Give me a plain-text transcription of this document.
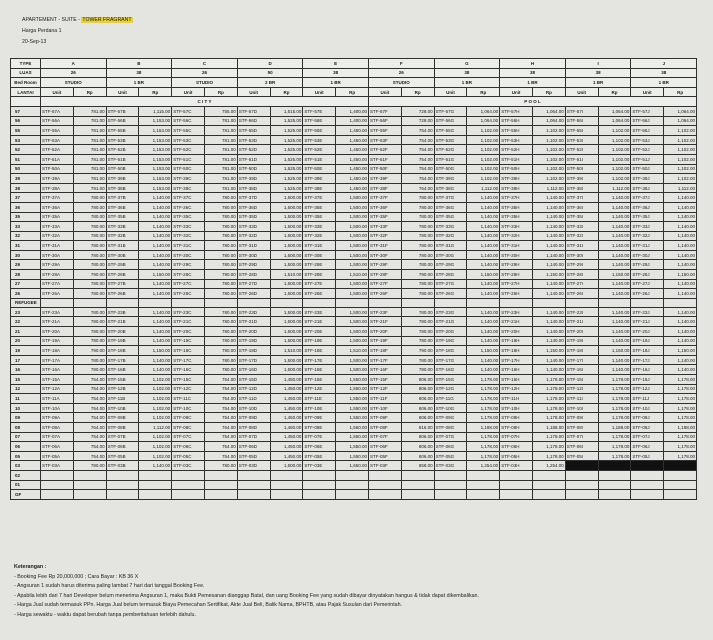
APARTEMENT - SUITE - TOWER FRAGRANT
Harga Perdana 1
20-Sep-13
TYPE	A		B		C		D		E		F		G		H		I		J	
LUAS	26		38		26		50		38		26		38		38		38		38	
Bed Room	STUDIO		1 BR		STUDIO		2 BR		1 BR		STUDIO		1 BR		1 BR		1 BR		1 BR	
LANTAI	Unit	Rp	Unit	Rp	Unit	Rp	Unit	Rp	Unit	Rp	Unit	Rp	Unit	Rp	Unit	Rp	Unit	Rp	Unit	Rp
	C I T Y										P O O L									
57	STF-57A	781.00	STF-57B	1,115.00	STF-57C	755.00	STF-57D	1,515.00	STF-57E	1,400.00	STF-57F	728.00	STF-57G	1,064.00	STF-57H	1,064.00	STF-57I	1,064.00	STF-57J	1,064.00
56	STF-56A	781.00	STF-56B	1,153.00	STF-56C	781.00	STF-56D	1,525.00	STF-56E	1,400.00	STF-56F	728.00	STF-56G	1,064.00	STF-56H	1,064.00	STF-56I	1,064.00	STF-56J	1,064.00
55	STF-55A	781.00	STF-55B	1,153.00	STF-55C	781.00	STF-55D	1,525.00	STF-55E	1,450.00	STF-55F	754.00	STF-55G	1,102.00	STF-55H	1,102.00	STF-55I	1,102.00	STF-55J	1,102.00
53	STF-53A	781.00	STF-53B	1,153.00	STF-53C	781.00	STF-53D	1,525.00	STF-53E	1,450.00	STF-53F	754.00	STF-53G	1,102.00	STF-53H	1,102.00	STF-53I	1,102.00	STF-53J	1,102.00
52	STF-52A	781.00	STF-52B	1,153.00	STF-52C	781.00	STF-52D	1,525.00	STF-52E	1,450.00	STF-52F	754.00	STF-52G	1,102.00	STF-52H	1,102.00	STF-52I	1,102.00	STF-52J	1,102.00
51	STF-51A	781.00	STF-51B	1,153.00	STF-51C	781.00	STF-51D	1,525.00	STF-51E	1,450.00	STF-51F	754.00	STF-51G	1,102.00	STF-51H	1,102.00	STF-51I	1,102.00	STF-51J	1,102.00
50	STF-50A	781.00	STF-50B	1,153.00	STF-50C	781.00	STF-50D	1,525.00	STF-50E	1,450.00	STF-50F	754.00	STF-50G	1,102.00	STF-50H	1,102.00	STF-50I	1,102.00	STF-50J	1,102.00
39	STF-39A	781.00	STF-39B	1,153.00	STF-39C	781.00	STF-39D	1,525.00	STF-39E	1,450.00	STF-39F	754.00	STF-39G	1,102.00	STF-39H	1,102.00	STF-39I	1,102.00	STF-39J	1,102.00
38	STF-38A	791.00	STF-38B	1,153.00	STF-38C	781.00	STF-38D	1,525.00	STF-38E	1,450.00	STF-38F	764.00	STF-38G	1,112.00	STF-38H	1,112.00	STF-38I	1,112.00	STF-38J	1,112.00
37	STF-37A	780.00	STF-37B	1,140.00	STF-37C	780.00	STF-37D	1,500.00	STF-37E	1,500.00	STF-37F	780.00	STF-37G	1,140.00	STF-37H	1,140.00	STF-37I	1,140.00	STF-37J	1,140.00
36	STF-36A	780.00	STF-36B	1,140.00	STF-36C	780.00	STF-36D	1,500.00	STF-36E	1,500.00	STF-36F	780.00	STF-36G	1,140.00	STF-36H	1,140.00	STF-36I	1,140.00	STF-36J	1,140.00
35	STF-35A	780.00	STF-35B	1,140.00	STF-35C	780.00	STF-35D	1,500.00	STF-35E	1,500.00	STF-35F	780.00	STF-35G	1,140.00	STF-35H	1,140.00	STF-35I	1,140.00	STF-35J	1,140.00
33	STF-33A	780.00	STF-33B	1,140.00	STF-33C	780.00	STF-33D	1,500.00	STF-33E	1,500.00	STF-33F	780.00	STF-33G	1,140.00	STF-33H	1,140.00	STF-33I	1,140.00	STF-33J	1,140.00
32	STF-32A	780.00	STF-32B	1,140.00	STF-32C	780.00	STF-32D	1,500.00	STF-32E	1,500.00	STF-32F	780.00	STF-32G	1,140.00	STF-32H	1,140.00	STF-32I	1,140.00	STF-32J	1,140.00
31	STF-31A	780.00	STF-31B	1,140.00	STF-31C	780.00	STF-31D	1,500.00	STF-31E	1,500.00	STF-31F	780.00	STF-31G	1,140.00	STF-31H	1,140.00	STF-31I	1,140.00	STF-31J	1,140.00
30	STF-30A	780.00	STF-30B	1,140.00	STF-30C	780.00	STF-30D	1,500.00	STF-30E	1,500.00	STF-30F	780.00	STF-30G	1,140.00	STF-30H	1,140.00	STF-30I	1,140.00	STF-30J	1,140.00
29	STF-29A	780.00	STF-29B	1,140.00	STF-29C	780.00	STF-29D	1,500.00	STF-29E	1,500.00	STF-29F	780.00	STF-29G	1,140.00	STF-29H	1,140.00	STF-29I	1,140.00	STF-29J	1,140.00
28	STF-28A	790.00	STF-28B	1,150.00	STF-28C	790.00	STF-28D	1,510.00	STF-28E	1,510.00	STF-28F	790.00	STF-28G	1,150.00	STF-28H	1,150.00	STF-28I	1,150.00	STF-28J	1,150.00
27	STF-27A	780.00	STF-27B	1,140.00	STF-27C	780.00	STF-27D	1,500.00	STF-27E	1,500.00	STF-27F	780.00	STF-27G	1,140.00	STF-27H	1,140.00	STF-27I	1,140.00	STF-27J	1,140.00
26	STF-26A	780.00	STF-26B	1,140.00	STF-26C	780.00	STF-26D	1,500.00	STF-26E	1,500.00	STF-26F	780.00	STF-26G	1,140.00	STF-26H	1,140.00	STF-26I	1,140.00	STF-26J	1,140.00
REFUGEE																				
23	STF-23A	780.00	STF-23B	1,140.00	STF-23C	780.00	STF-23D	1,500.00	STF-23E	1,500.00	STF-23F	780.00	STF-23G	1,140.00	STF-23H	1,140.00	STF-23I	1,140.00	STF-23J	1,140.00
22	STF-21A	780.00	STF-21B	1,140.00	STF-21C	780.00	STF-21D	1,500.00	STF-21E	1,500.00	STF-21F	780.00	STF-21G	1,140.00	STF-21H	1,140.00	STF-21I	1,140.00	STF-21J	1,140.00
21	STF-20A	780.00	STF-20B	1,140.00	STF-20C	780.00	STF-20D	1,500.00	STF-20E	1,500.00	STF-20F	780.00	STF-20G	1,140.00	STF-20H	1,140.00	STF-20I	1,140.00	STF-20J	1,140.00
20	STF-19A	780.00	STF-19B	1,140.00	STF-19C	780.00	STF-19D	1,500.00	STF-19E	1,500.00	STF-19F	780.00	STF-19G	1,140.00	STF-19H	1,140.00	STF-19I	1,140.00	STF-19J	1,140.00
19	STF-18A	790.00	STF-18B	1,150.00	STF-18C	790.00	STF-18D	1,510.00	STF-18E	1,510.00	STF-18F	790.00	STF-18G	1,150.00	STF-18H	1,150.00	STF-18I	1,150.00	STF-18J	1,150.00
17	STF-17A	780.00	STF-17B	1,140.00	STF-17C	780.00	STF-17D	1,500.00	STF-17E	1,500.00	STF-17F	780.00	STF-17G	1,140.00	STF-17H	1,140.00	STF-17I	1,140.00	STF-17J	1,140.00
16	STF-16A	780.00	STF-16B	1,140.00	STF-16C	780.00	STF-16D	1,500.00	STF-16E	1,500.00	STF-16F	780.00	STF-16G	1,140.00	STF-16H	1,140.00	STF-16I	1,140.00	STF-16J	1,140.00
15	STF-15A	754.00	STF-15B	1,102.00	STF-15C	754.00	STF-15D	1,450.00	STF-15E	1,550.00	STF-15F	806.00	STF-15G	1,178.00	STF-15H	1,178.00	STF-15I	1,178.00	STF-15J	1,178.00
12	STF-12A	754.00	STF-12B	1,102.00	STF-12C	754.00	STF-12D	1,450.00	STF-12E	1,550.00	STF-12F	806.00	STF-12G	1,178.00	STF-12H	1,178.00	STF-12I	1,178.00	STF-12J	1,178.00
11	STF-11A	754.00	STF-11B	1,102.00	STF-11C	754.00	STF-11D	1,450.00	STF-11E	1,550.00	STF-11F	806.00	STF-11G	1,178.00	STF-11H	1,178.00	STF-11I	1,178.00	STF-11J	1,178.00
10	STF-10A	754.00	STF-10B	1,102.00	STF-10C	754.00	STF-10D	1,450.00	STF-10E	1,550.00	STF-10F	806.00	STF-10G	1,178.00	STF-10H	1,178.00	STF-10I	1,178.00	STF-10J	1,178.00
09	STF-09A	754.00	STF-09B	1,102.00	STF-09C	754.00	STF-09D	1,450.00	STF-09E	1,550.00	STF-09F	806.00	STF-09G	1,178.00	STF-09H	1,178.00	STF-09I	1,178.00	STF-09J	1,178.00
08	STF-08A	764.00	STF-08B	1,112.00	STF-08C	764.00	STF-08D	1,460.00	STF-08E	1,560.00	STF-08F	816.00	STF-08G	1,188.00	STF-08H	1,188.00	STF-08I	1,188.00	STF-08J	1,188.00
07	STF-07A	754.00	STF-07B	1,102.00	STF-07C	754.00	STF-07D	1,450.00	STF-07E	1,550.00	STF-07F	806.00	STF-07G	1,178.00	STF-07H	1,178.00	STF-07I	1,178.00	STF-07J	1,178.00
06	STF-06A	754.00	STF-06B	1,102.00	STF-06C	754.00	STF-06D	1,450.00	STF-06E	1,550.00	STF-06F	806.00	STF-06G	1,178.00	STF-06H	1,178.00	STF-06I	1,178.00	STF-06J	1,178.00
05	STF-05A	754.00	STF-05B	1,102.00	STF-05C	754.00	STF-05D	1,450.00	STF-05E	1,550.00	STF-05F	806.00	STF-05G	1,178.00	STF-05H	1,178.00	STF-05I	1,178.00	STF-05J	1,178.00
03	STF-03A	780.00	STF-03B	1,140.00	STF-03C	780.00	STF-03D	1,500.00	STF-03E	1,650.00	STF-03F	858.00	STF-03G	1,254.00	STF-03H	1,254.00				
02																				
01																				
GF																				
Keterangan :
- Booking Fee Rp 20,000,000 ; Cara Bayar : KB 36 X
- Angsuran 1 sudah harus diterima paling lambat 7 hari dari tanggal Booking Fee.
- Apabila lebih dari 7 hari Developer belum menerima Angsuran 1, maka Bukti Pemesanan dianggap Batal, dan uang Booking Fee yang sudah dibayar dinyatakan hangus & tidak dapat dikembalikan.
- Harga Jual sudah termasuk PPn. Harga Jual belum termasuk Biaya Pemecahan Sertifikat, Akte Jual Beli, Balik Nama, BPHTB, atau Pajak Susulan dari Pemerintah.
- Harga sewaktu - waktu dapat berubah tanpa pemberitahuan terlebih dahulu.
